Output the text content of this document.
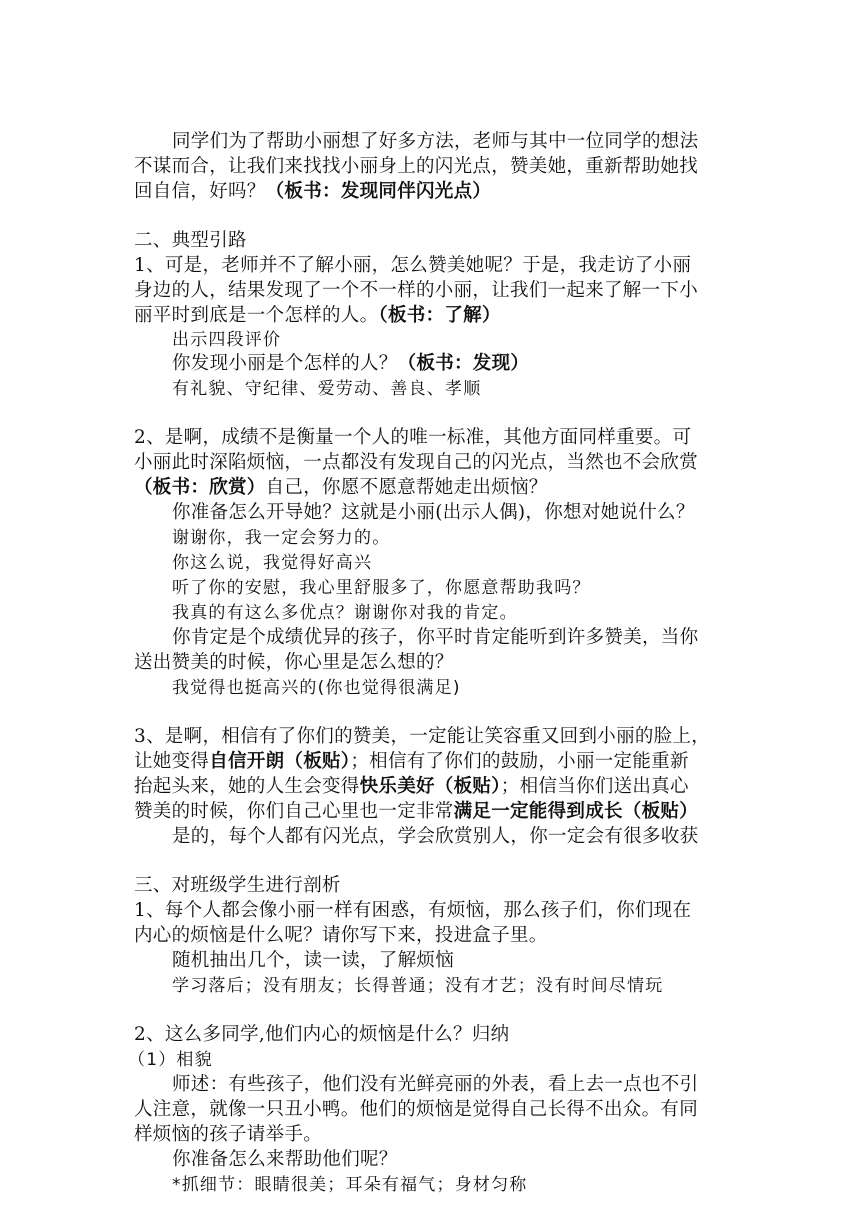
同学们为了帮助小丽想了好多方法，老师与其中一位同学的想法
不谋而合，让我们来找找小丽身上的闪光点，赞美她，重新帮助她找
回自信，好吗？（板书：发现同伴闪光点）
二、典型引路
1、可是，老师并不了解小丽，怎么赞美她呢？于是，我走访了小丽
身边的人，结果发现了一个不一样的小丽，让我们一起来了解一下小
丽平时到底是一个怎样的人。（板书：了解）
出示四段评价
你发现小丽是个怎样的人？（板书：发现）
有礼貌、守纪律、爱劳动、善良、孝顺
2、是啊，成绩不是衡量一个人的唯一标准，其他方面同样重要。可
小丽此时深陷烦恼，一点都没有发现自己的闪光点，当然也不会欣赏
（板书：欣赏）自己，你愿不愿意帮她走出烦恼？
你准备怎么开导她？这就是小丽(出示人偶)，你想对她说什么？
谢谢你，我一定会努力的。
你这么说，我觉得好高兴
听了你的安慰，我心里舒服多了，你愿意帮助我吗？
我真的有这么多优点？谢谢你对我的肯定。
你肯定是个成绩优异的孩子，你平时肯定能听到许多赞美，当你
送出赞美的时候，你心里是怎么想的？
我觉得也挺高兴的(你也觉得很满足)
3、是啊，相信有了你们的赞美，一定能让笑容重又回到小丽的脸上，
让她变得自信开朗（板贴）；相信有了你们的鼓励，小丽一定能重新
抬起头来，她的人生会变得快乐美好（板贴）；相信当你们送出真心
赞美的时候，你们自己心里也一定非常满足一定能得到成长（板贴）
是的，每个人都有闪光点，学会欣赏别人，你一定会有很多收获
三、对班级学生进行剖析
1、每个人都会像小丽一样有困惑，有烦恼，那么孩子们，你们现在
内心的烦恼是什么呢？请你写下来，投进盒子里。
随机抽出几个，读一读，了解烦恼
学习落后；没有朋友；长得普通；没有才艺；没有时间尽情玩
2、这么多同学,他们内心的烦恼是什么？归纳
（1）相貌
师述：有些孩子，他们没有光鲜亮丽的外表，看上去一点也不引
人注意，就像一只丑小鸭。他们的烦恼是觉得自己长得不出众。有同
样烦恼的孩子请举手。
你准备怎么来帮助他们呢？
*抓细节：眼睛很美；耳朵有福气；身材匀称
